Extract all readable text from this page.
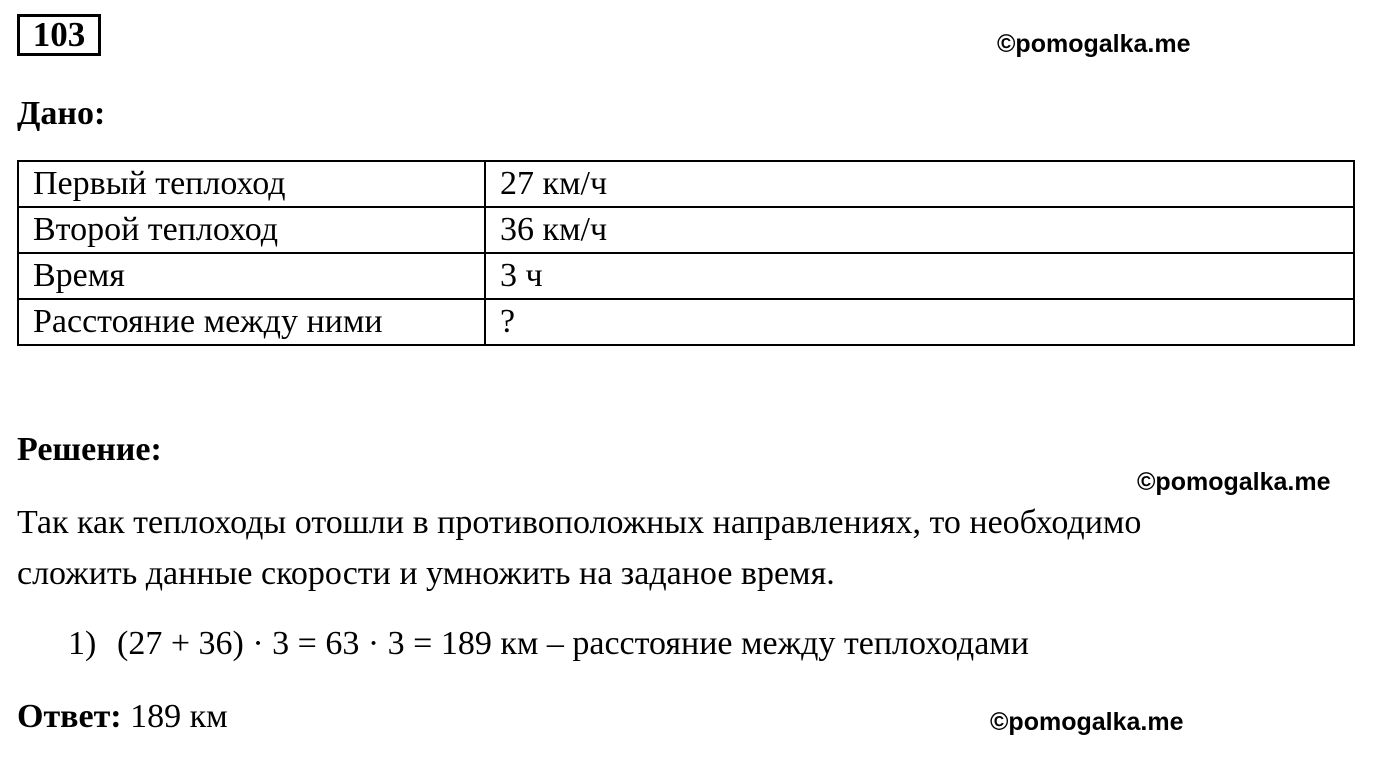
103	©pomogalka.me
Дано:
Первый теплоход	27 км/ч
Второй теплоход	36 км/ч
Время	3 ч
Расстояние между ними	?
Решение:
©pomogalka.me
Так как теплоходы отошли в противоположных направлениях, то необходимо
сложить данные скорости и умножить на заданое время.
1) (27 + 36) · 3 = 63 · 3 = 189 км – расстояние между теплоходами
Ответ: 189 км	©pomogalka.me
